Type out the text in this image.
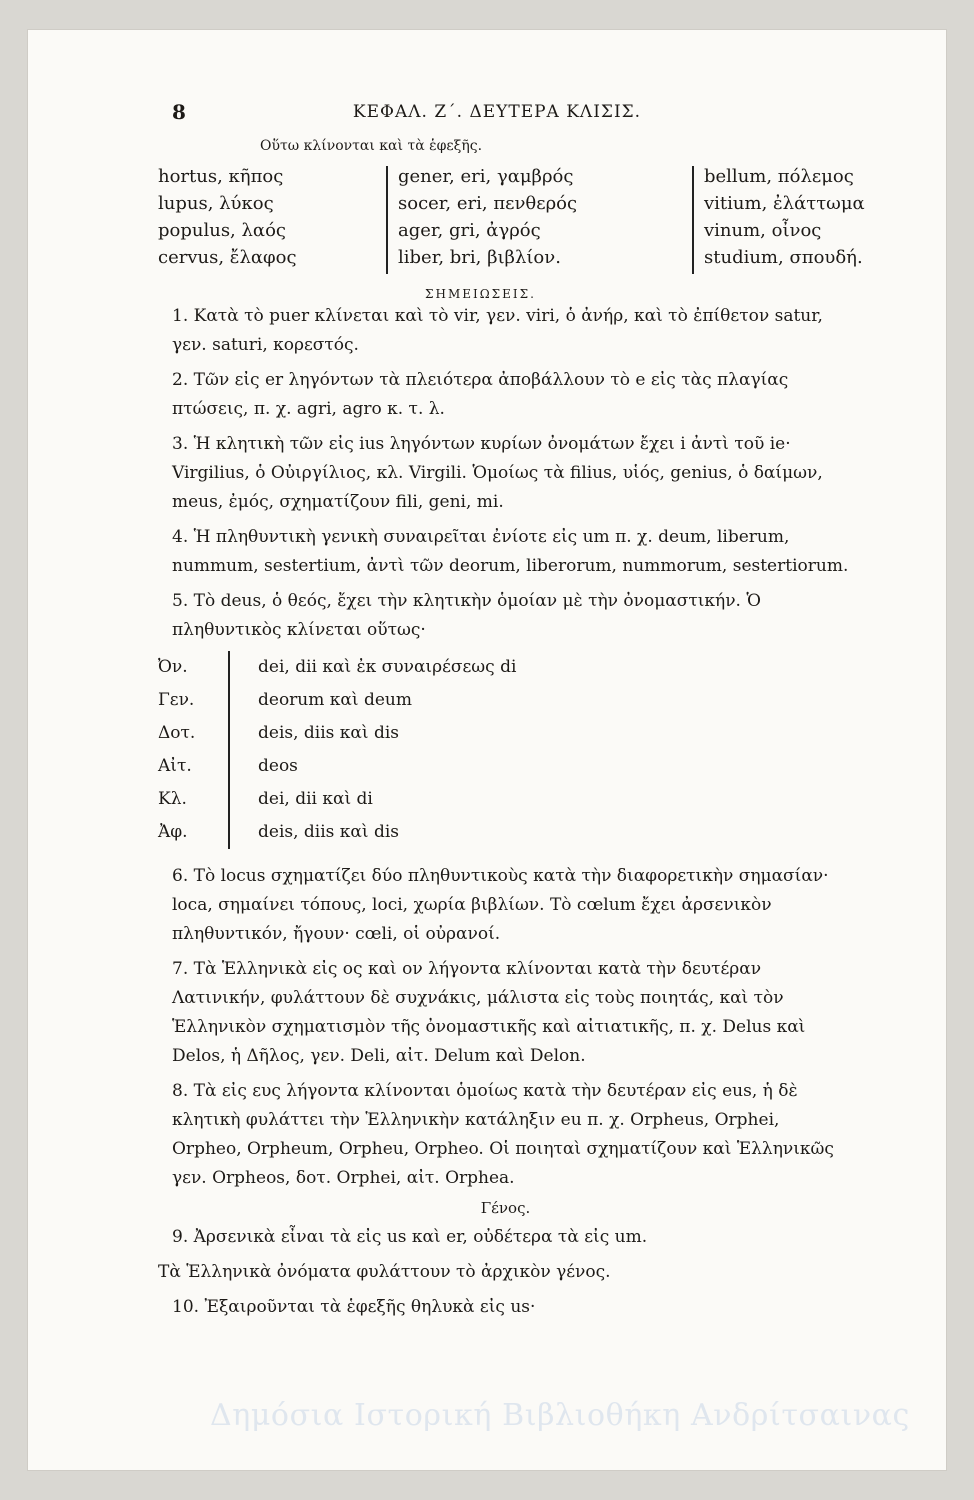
8	ΚΕΦΑΛ. Ζ΄. ΔΕΥΤΕΡΑ ΚΛΙΣΙΣ.
Οὕτω κλίνονται καὶ τὰ ἑφεξῆς.
hortus, κῆπος
lupus, λύκος
populus, λαός
cervus, ἔλαφος
gener, eri, γαμβρός
socer, eri, πενθερός
ager, gri, ἀγρός
liber, bri, βιβλίον.
bellum, πόλεμος
vitium, ἐλάττωμα
vinum, οἶνος
studium, σπουδή.
ΣΗΜΕΙΩΣΕΙΣ.

1. Κατὰ τὸ puer κλίνεται καὶ τὸ vir, γεν. viri, ὁ ἀνήρ, καὶ τὸ ἐπίθετον satur, γεν. saturi, κορεστός.

2. Τῶν εἰς er ληγόντων τὰ πλειότερα ἀποβάλλουν τὸ e εἰς τὰς πλαγίας πτώσεις, π. χ. agri, agro κ. τ. λ.

3. Ἡ κλητικὴ τῶν εἰς ius ληγόντων κυρίων ὀνομάτων ἔχει i ἀντὶ τοῦ ie· Virgilius, ὁ Οὐιργίλιος, κλ. Virgili. Ὁμοίως τὰ filius, υἱός, genius, ὁ δαίμων, meus, ἐμός, σχηματίζουν fili, geni, mi.

4. Ἡ πληθυντικὴ γενικὴ συναιρεῖται ἐνίοτε εἰς um π. χ. deum, liberum, nummum, sestertium, ἀντὶ τῶν deorum, liberorum, nummorum, sestertiorum.

5. Τὸ deus, ὁ θεός, ἔχει τὴν κλητικὴν ὁμοίαν μὲ τὴν ὀνομαστικήν. Ὁ πληθυντικὸς κλίνεται οὕτως·

Ὀν.
Γεν.
Δοτ.
Αἰτ.
Κλ.
Ἀφ.
dei, dii καὶ ἐκ συναιρέσεως di
deorum καὶ deum
deis, diis καὶ dis
deos
dei, dii καὶ di
deis, diis καὶ dis

6. Τὸ locus σχηματίζει δύο πληθυντικοὺς κατὰ τὴν διαφορετικὴν σημασίαν· loca, σημαίνει τόπους, loci, χωρία βιβλίων. Τὸ cœlum ἔχει ἀρσενικὸν πληθυντικόν, ἤγουν· cœli, οἱ οὐρανοί.

7. Τὰ Ἑλληνικὰ εἰς ος καὶ ον λήγοντα κλίνονται κατὰ τὴν δευτέραν Λατινικήν, φυλάττουν δὲ συχνάκις, μάλιστα εἰς τοὺς ποιητάς, καὶ τὸν Ἑλληνικὸν σχηματισμὸν τῆς ὀνομαστικῆς καὶ αἰτιατικῆς, π. χ. Delus καὶ Delos, ἡ Δῆλος, γεν. Deli, αἰτ. Delum καὶ Delon.

8. Τὰ εἰς ευς λήγοντα κλίνονται ὁμοίως κατὰ τὴν δευτέραν εἰς eus, ἡ δὲ κλητικὴ φυλάττει τὴν Ἑλληνικὴν κατάληξιν eu π. χ. Orpheus, Orphei, Orpheo, Orpheum, Orpheu, Orpheo. Οἱ ποιηταὶ σχηματίζουν καὶ Ἑλληνικῶς γεν. Orpheos, δοτ. Orphei, αἰτ. Orphea.

Γένος.

9. Ἀρσενικὰ εἶναι τὰ εἰς us καὶ er, οὐδέτερα τὰ εἰς um.

Τὰ Ἑλληνικὰ ὀνόματα φυλάττουν τὸ ἀρχικὸν γένος.

10. Ἐξαιροῦνται τὰ ἑφεξῆς θηλυκὰ εἰς us·

Δημόσια Ιστορική Βιβλιοθήκη Ανδρίτσαινας
